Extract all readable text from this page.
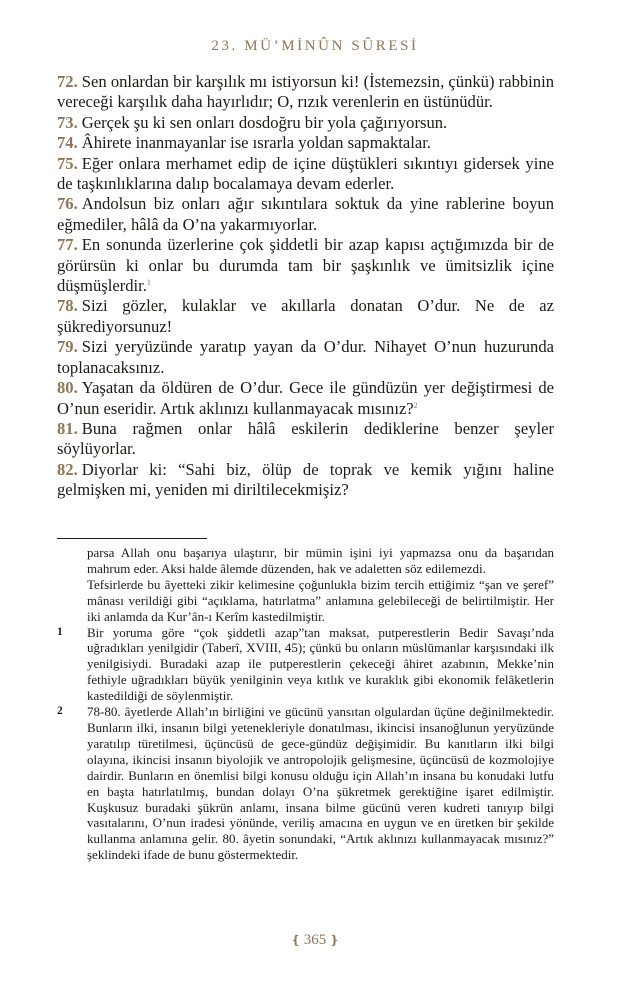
23. MÜ’MİNÛN SÛRESİ

72. Sen onlardan bir karşılık mı istiyorsun ki! (İstemezsin, çünkü) rabbinin vereceği karşılık daha hayırlıdır; O, rızık verenlerin en üstünüdür.

73. Gerçek şu ki sen onları dosdoğru bir yola çağırıyorsun.

74. Âhirete inanmayanlar ise ısrarla yoldan sapmaktalar.

75. Eğer onlara merhamet edip de içine düştükleri sıkıntıyı gidersek yine de taşkınlıklarına dalıp bocalamaya devam ederler.

76. Andolsun biz onları ağır sıkıntılara soktuk da yine rablerine boyun eğmediler, hâlâ da O’na yakarmıyorlar.

77. En sonunda üzerlerine çok şiddetli bir azap kapısı açtığımızda bir de görürsün ki onlar bu durumda tam bir şaşkınlık ve ümitsizlik içine düşmüşlerdir.$^1$

78. Sizi gözler, kulaklar ve akıllarla donatan O’dur. Ne de az şükrediyorsunuz!

79. Sizi yeryüzünde yaratıp yayan da O’dur. Nihayet O’nun huzurunda toplanacaksınız.

80. Yaşatan da öldüren de O’dur. Gece ile gündüzün yer değiştirmesi de O’nun eseridir. Artık aklınızı kullanmayacak mısınız?$^2$

81. Buna rağmen onlar hâlâ eskilerin dediklerine benzer şeyler söylüyorlar.

82. Diyorlar ki: “Sahi biz, ölüp de toprak ve kemik yığını haline gelmişken mi, yeniden mi diriltilecekmişiz?

parsa Allah onu başarıya ulaştırır, bir mümin işini iyi yapmazsa onu da başarıdan mahrum eder. Aksi halde âlemde düzenden, hak ve adaletten söz edilemezdi.

Tefsirlerde bu âyetteki zikir kelimesine çoğunlukla bizim tercih ettiğimiz “şan ve şeref” mânası verildiği gibi “açıklama, hatırlatma” anlamına gelebileceği de belirtilmiştir. Her iki anlamda da Kur’ân-ı Kerîm kastedilmiştir.

1	Bir yoruma göre “çok şiddetli azap”tan maksat, putperestlerin Bedir Savaşı’nda uğradıkları yenilgidir (Taberî, XVIII, 45); çünkü bu onların müslümanlar karşısındaki ilk yenilgisiydi. Buradaki azap ile putperestlerin çekeceği âhiret azabının, Mekke’nin fethiyle uğradıkları büyük yenilginin veya kıtlık ve kuraklık gibi ekonomik felâketlerin kastedildiği de söylenmiştir.

2	78-80. âyetlerde Allah’ın birliğini ve gücünü yansıtan olgulardan üçüne değinilmektedir. Bunların ilki, insanın bilgi yetenekleriyle donatılması, ikincisi insanoğlunun yeryüzünde yaratılıp türetilmesi, üçüncüsü de gece-gündüz değişimidir. Bu kanıtların ilki bilgi olayına, ikincisi insanın biyolojik ve antropolojik gelişmesine, üçüncüsü de kozmolojiye dairdir. Bunların en önemlisi bilgi konusu olduğu için Allah’ın insana bu konudaki lutfu en başta hatırlatılmış, bundan dolayı O’na şükretmek gerektiğine işaret edilmiştir. Kuşkusuz buradaki şükrün anlamı, insana bilme gücünü veren kudreti tanıyıp bilgi vasıtalarını, O’nun iradesi yönünde, veriliş amacına en uygun ve en üretken bir şekilde kullanma anlamına gelir. 80. âyetin sonundaki, “Artık aklınızı kullanmayacak mısınız?” şeklindeki ifade de bunu göstermektedir.

❴ 365 ❵
